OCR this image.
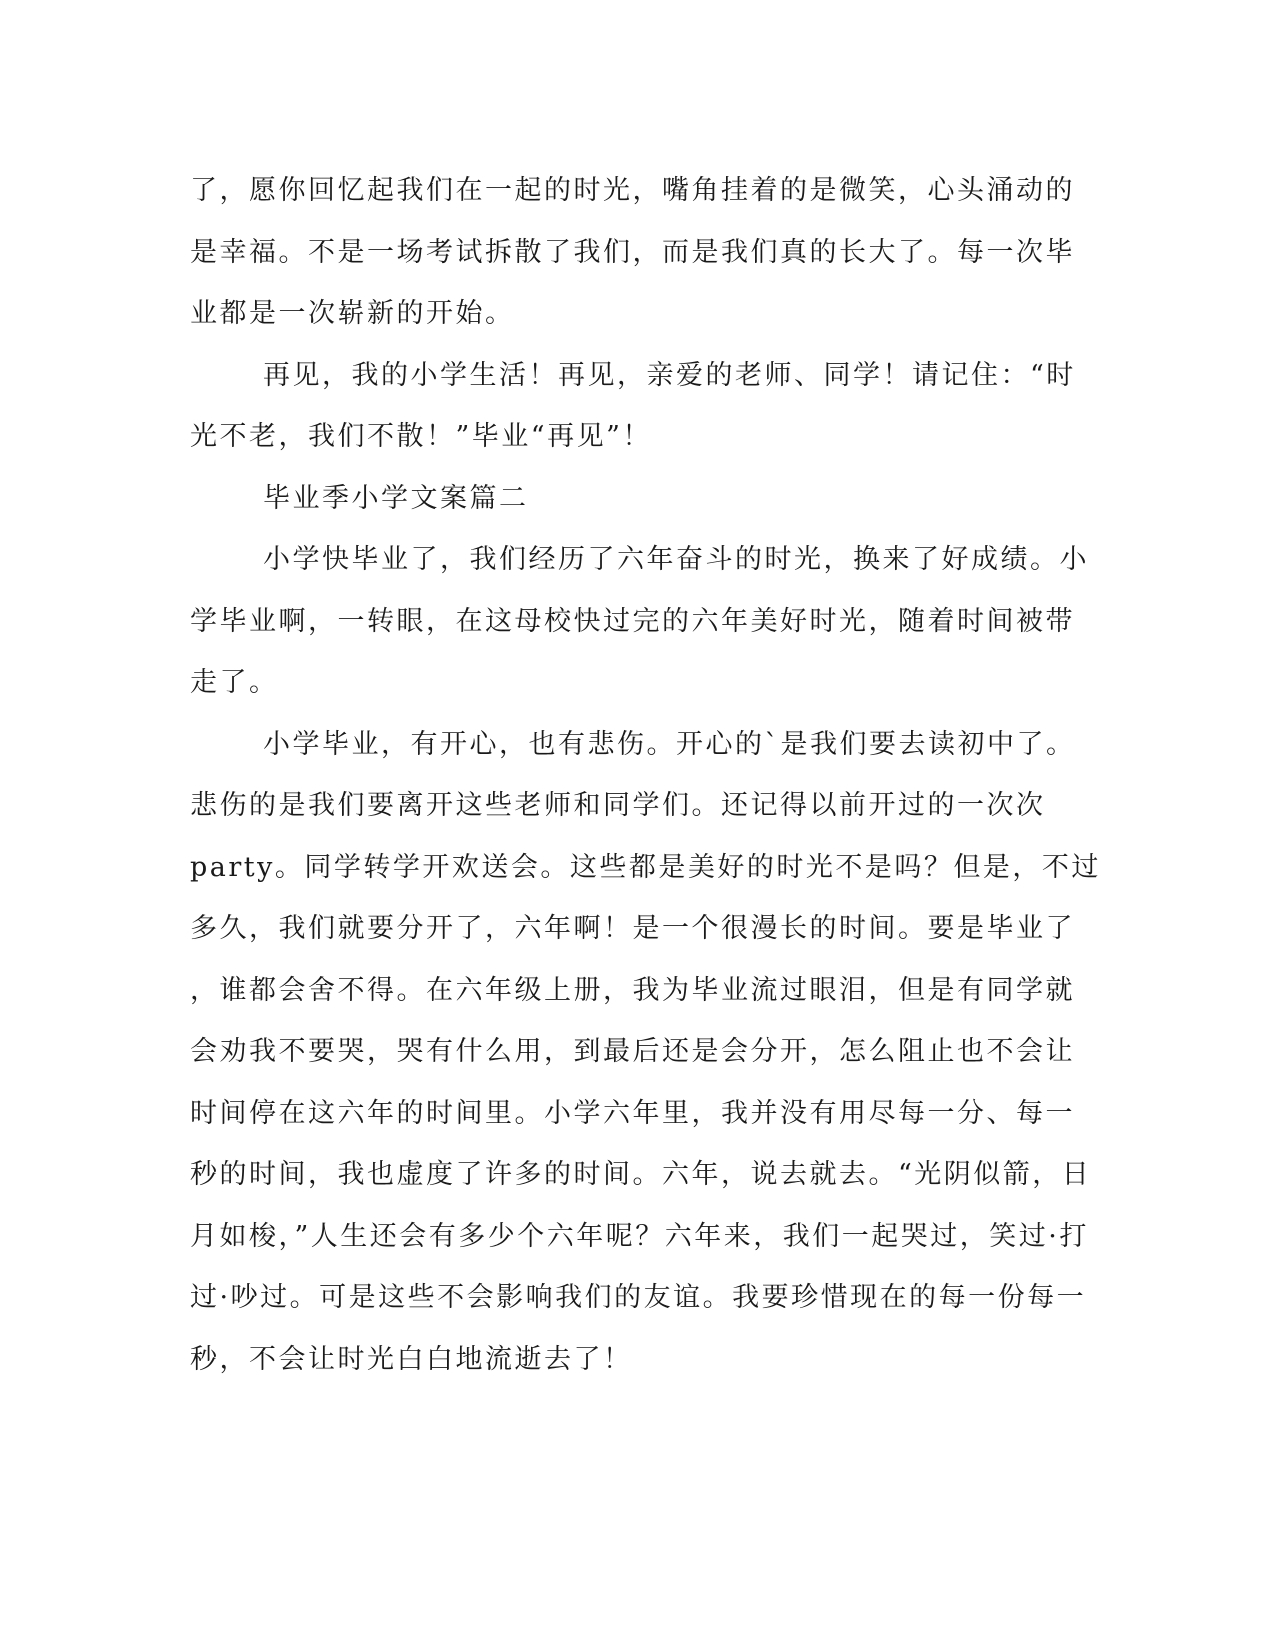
了，愿你回忆起我们在一起的时光，嘴角挂着的是微笑，心头涌动的
是幸福。不是一场考试拆散了我们，而是我们真的长大了。每一次毕
业都是一次崭新的开始。
再见，我的小学生活！再见，亲爱的老师、同学！请记住：“时
光不老，我们不散！”毕业“再见”！
毕业季小学文案篇二
小学快毕业了，我们经历了六年奋斗的时光，换来了好成绩。小
学毕业啊，一转眼，在这母校快过完的六年美好时光，随着时间被带
走了。
小学毕业，有开心，也有悲伤。开心的`是我们要去读初中了。
悲伤的是我们要离开这些老师和同学们。还记得以前开过的一次次
party。同学转学开欢送会。这些都是美好的时光不是吗？但是，不过
多久，我们就要分开了，六年啊！是一个很漫长的时间。要是毕业了
，谁都会舍不得。在六年级上册，我为毕业流过眼泪，但是有同学就
会劝我不要哭，哭有什么用，到最后还是会分开，怎么阻止也不会让
时间停在这六年的时间里。小学六年里，我并没有用尽每一分、每一
秒的时间，我也虚度了许多的时间。六年，说去就去。“光阴似箭，日
月如梭，”人生还会有多少个六年呢？六年来，我们一起哭过，笑过·打
过·吵过。可是这些不会影响我们的友谊。我要珍惜现在的每一份每一
秒，不会让时光白白地流逝去了！
